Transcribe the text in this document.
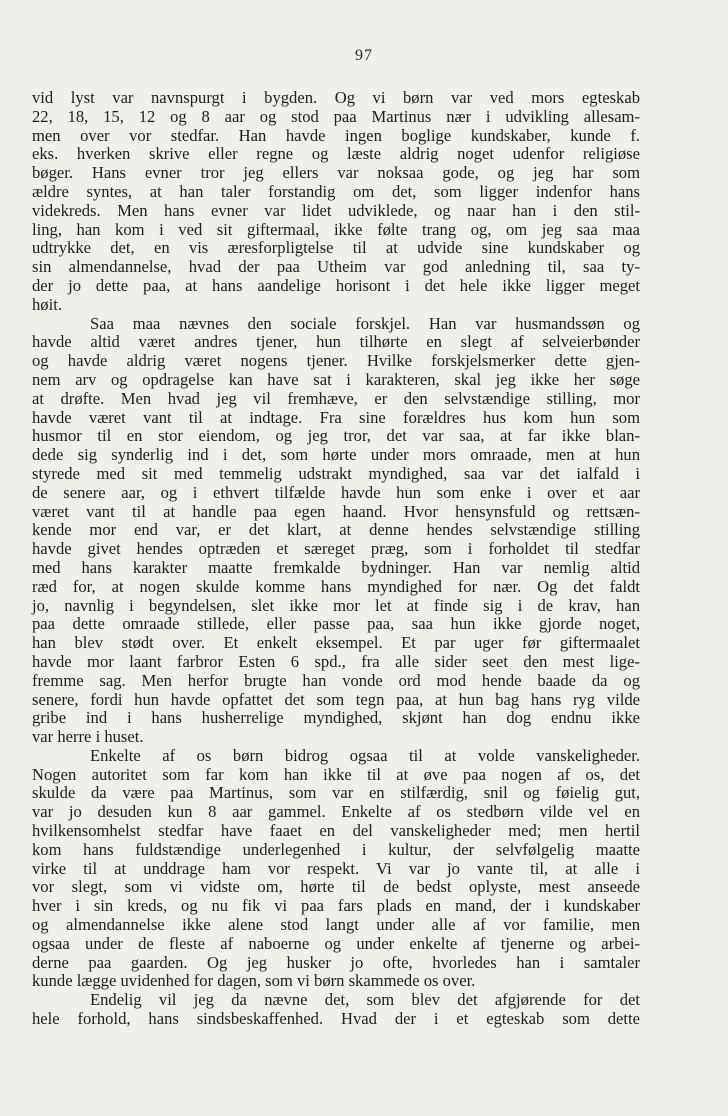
97
vid lyst var navnspurgt i bygden. Og vi børn var ved mors egteskab
22, 18, 15, 12 og 8 aar og stod paa Martinus nær i udvikling allesam-
men over vor stedfar. Han havde ingen boglige kundskaber, kunde f.
eks. hverken skrive eller regne og læste aldrig noget udenfor religiøse
bøger. Hans evner tror jeg ellers var noksaa gode, og jeg har som
ældre syntes, at han taler forstandig om det, som ligger indenfor hans
videkreds. Men hans evner var lidet udviklede, og naar han i den stil-
ling, han kom i ved sit giftermaal, ikke følte trang og, om jeg saa maa
udtrykke det, en vis æresforpligtelse til at udvide sine kundskaber og
sin almendannelse, hvad der paa Utheim var god anledning til, saa ty-
der jo dette paa, at hans aandelige horisont i det hele ikke ligger meget
høit.
Saa maa nævnes den sociale forskjel. Han var husmandssøn og
havde altid været andres tjener, hun tilhørte en slegt af selveierbønder
og havde aldrig været nogens tjener. Hvilke forskjelsmerker dette gjen-
nem arv og opdragelse kan have sat i karakteren, skal jeg ikke her søge
at drøfte. Men hvad jeg vil fremhæve, er den selvstændige stilling, mor
havde været vant til at indtage. Fra sine forældres hus kom hun som
husmor til en stor eiendom, og jeg tror, det var saa, at far ikke blan-
dede sig synderlig ind i det, som hørte under mors omraade, men at hun
styrede med sit med temmelig udstrakt myndighed, saa var det ialfald i
de senere aar, og i ethvert tilfælde havde hun som enke i over et aar
været vant til at handle paa egen haand. Hvor hensynsfuld og rettsæn-
kende mor end var, er det klart, at denne hendes selvstændige stilling
havde givet hendes optræden et særeget præg, som i forholdet til stedfar
med hans karakter maatte fremkalde bydninger. Han var nemlig altid
ræd for, at nogen skulde komme hans myndighed for nær. Og det faldt
jo, navnlig i begyndelsen, slet ikke mor let at finde sig i de krav, han
paa dette omraade stillede, eller passe paa, saa hun ikke gjorde noget,
han blev stødt over. Et enkelt eksempel. Et par uger før giftermaalet
havde mor laant farbror Esten 6 spd., fra alle sider seet den mest lige-
fremme sag. Men herfor brugte han vonde ord mod hende baade da og
senere, fordi hun havde opfattet det som tegn paa, at hun bag hans ryg vilde
gribe ind i hans husherrelige myndighed, skjønt han dog endnu ikke
var herre i huset.
Enkelte af os børn bidrog ogsaa til at volde vanskeligheder.
Nogen autoritet som far kom han ikke til at øve paa nogen af os, det
skulde da være paa Martinus, som var en stilfærdig, snil og føielig gut,
var jo desuden kun 8 aar gammel. Enkelte af os stedbørn vilde vel en
hvilkensomhelst stedfar have faaet en del vanskeligheder med; men hertil
kom hans fuldstændige underlegenhed i kultur, der selvfølgelig maatte
virke til at unddrage ham vor respekt. Vi var jo vante til, at alle i
vor slegt, som vi vidste om, hørte til de bedst oplyste, mest anseede
hver i sin kreds, og nu fik vi paa fars plads en mand, der i kundskaber
og almendannelse ikke alene stod langt under alle af vor familie, men
ogsaa under de fleste af naboerne og under enkelte af tjenerne og arbei-
derne paa gaarden. Og jeg husker jo ofte, hvorledes han i samtaler
kunde lægge uvidenhed for dagen, som vi børn skammede os over.
Endelig vil jeg da nævne det, som blev det afgjørende for det
hele forhold, hans sindsbeskaffenhed. Hvad der i et egteskab som dette
